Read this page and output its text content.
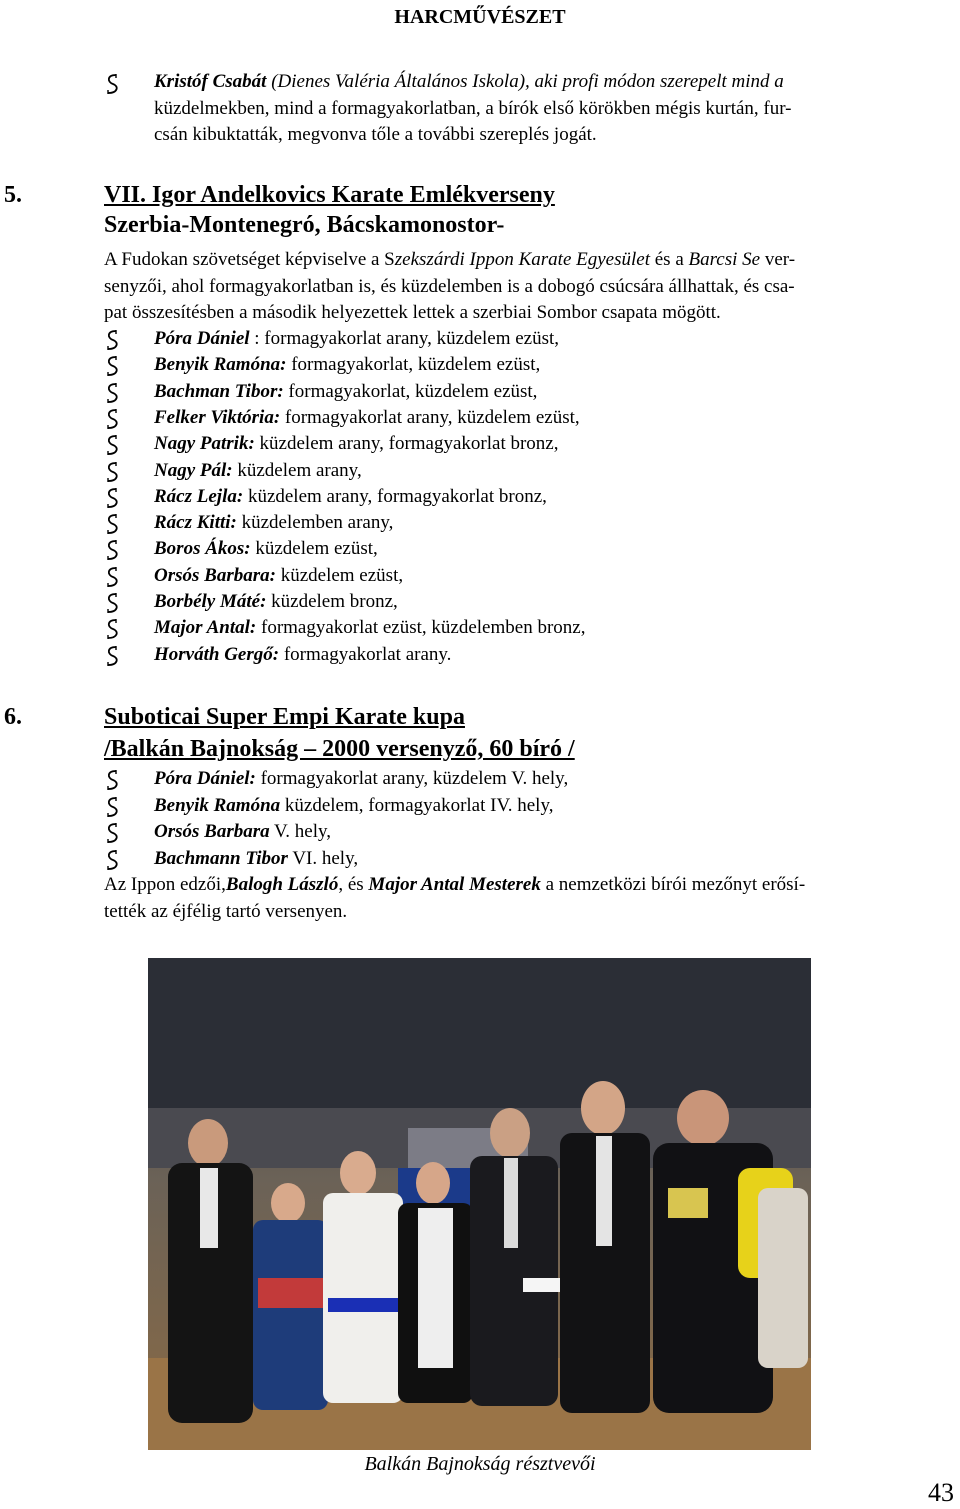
HARCMŰVÉSZET
Kristóf Csabát (Dienes Valéria Általános Iskola), aki profi módon szerepelt mind a
küzdelmekben, mind a formagyakorlatban, a bírók első körökben mégis kurtán, fur-
csán kibuktatták, megvonva tőle a további szereplés jogát.
5.	VII. Igor Andelkovics Karate Emlékverseny
Szerbia-Montenegró, Bácskamonostor-
A Fudokan szövetséget képviselve a Szekszárdi Ippon Karate Egyesület és a Barcsi Se ver-
senyzői, ahol formagyakorlatban is, és küzdelemben is a dobogó csúcsára állhattak, és csa-
pat összesítésben a második helyezettek lettek a szerbiai Sombor csapata mögött.
Póra Dániel : formagyakorlat arany, küzdelem ezüst,
Benyik Ramóna: formagyakorlat, küzdelem ezüst,
Bachman Tibor: formagyakorlat, küzdelem ezüst,
Felker Viktória: formagyakorlat arany, küzdelem ezüst,
Nagy Patrik: küzdelem arany, formagyakorlat bronz,
Nagy Pál: küzdelem arany,
Rácz Lejla: küzdelem arany, formagyakorlat bronz,
Rácz Kitti: küzdelemben arany,
Boros Ákos: küzdelem ezüst,
Orsós Barbara: küzdelem ezüst,
Borbély Máté: küzdelem bronz,
Major Antal: formagyakorlat ezüst, küzdelemben bronz,
Horváth Gergő: formagyakorlat arany.
6.	Suboticai Super Empi Karate kupa
/Balkán Bajnokság – 2000 versenyző, 60 bíró /
Póra Dániel: formagyakorlat arany, küzdelem V. hely,
Benyik Ramóna küzdelem, formagyakorlat IV. hely,
Orsós Barbara V. hely,
Bachmann Tibor VI. hely,
Az Ippon edzői,Balogh László, és Major Antal Mesterek a nemzetközi bírói mezőnyt erősí-
tették az éjfélig tartó versenyen.
Balkán Bajnokság résztvevői
43
